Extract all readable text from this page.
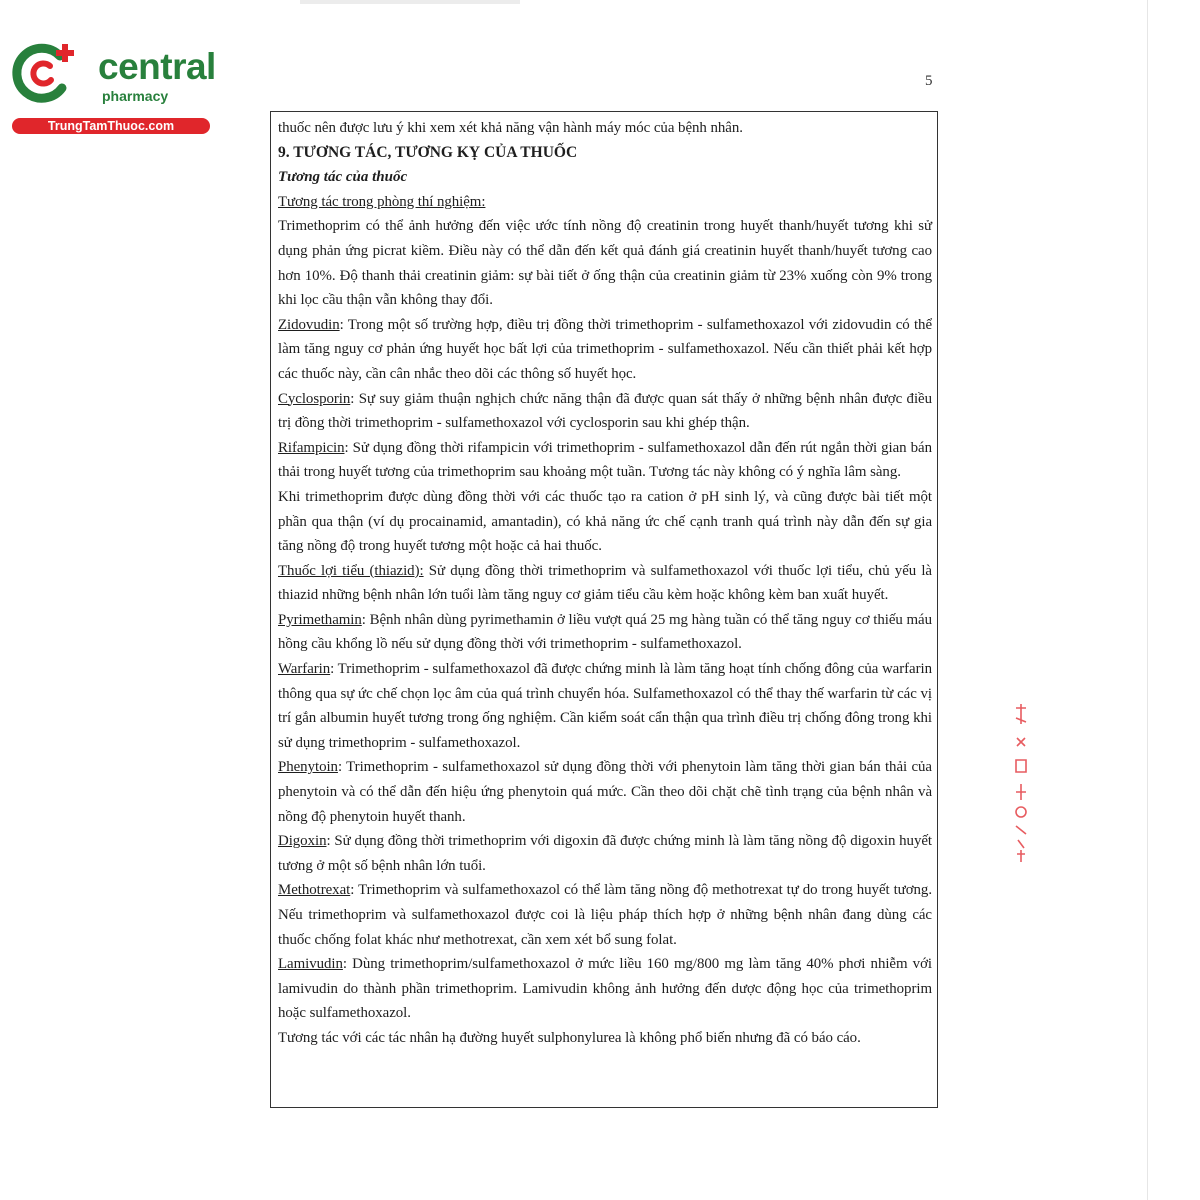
central
pharmacy
TrungTamThuoc.com
5

thuốc nên được lưu ý khi xem xét khả năng vận hành máy móc của bệnh nhân.

9. TƯƠNG TÁC, TƯƠNG KỴ CỦA THUỐC

Tương tác của thuốc

Tương tác trong phòng thí nghiệm:

Trimethoprim có thể ảnh hưởng đến việc ước tính nồng độ creatinin trong huyết thanh/huyết tương khi sử dụng phản ứng picrat kiềm. Điều này có thể dẫn đến kết quả đánh giá creatinin huyết thanh/huyết tương cao hơn 10%. Độ thanh thải creatinin giảm: sự bài tiết ở ống thận của creatinin giảm từ 23% xuống còn 9% trong khi lọc cầu thận vẫn không thay đổi.

Zidovudin: Trong một số trường hợp, điều trị đồng thời trimethoprim - sulfamethoxazol với zidovudin có thể làm tăng nguy cơ phản ứng huyết học bất lợi của trimethoprim - sulfamethoxazol. Nếu cần thiết phải kết hợp các thuốc này, cần cân nhắc theo dõi các thông số huyết học.

Cyclosporin: Sự suy giảm thuận nghịch chức năng thận đã được quan sát thấy ở những bệnh nhân được điều trị đồng thời trimethoprim - sulfamethoxazol với cyclosporin sau khi ghép thận.

Rifampicin: Sử dụng đồng thời rifampicin với trimethoprim - sulfamethoxazol dẫn đến rút ngắn thời gian bán thải trong huyết tương của trimethoprim sau khoảng một tuần. Tương tác này không có ý nghĩa lâm sàng.

Khi trimethoprim được dùng đồng thời với các thuốc tạo ra cation ở pH sinh lý, và cũng được bài tiết một phần qua thận (ví dụ procainamid, amantadin), có khả năng ức chế cạnh tranh quá trình này dẫn đến sự gia tăng nồng độ trong huyết tương một hoặc cả hai thuốc.

Thuốc lợi tiểu (thiazid): Sử dụng đồng thời trimethoprim và sulfamethoxazol với thuốc lợi tiểu, chủ yếu là thiazid những bệnh nhân lớn tuổi làm tăng nguy cơ giảm tiểu cầu kèm hoặc không kèm ban xuất huyết.

Pyrimethamin: Bệnh nhân dùng pyrimethamin ở liều vượt quá 25 mg hàng tuần có thể tăng nguy cơ thiếu máu hồng cầu khổng lồ nếu sử dụng đồng thời với trimethoprim - sulfamethoxazol.

Warfarin: Trimethoprim - sulfamethoxazol đã được chứng minh là làm tăng hoạt tính chống đông của warfarin thông qua sự ức chế chọn lọc âm của quá trình chuyển hóa. Sulfamethoxazol có thể thay thế warfarin từ các vị trí gắn albumin huyết tương trong ống nghiệm. Cần kiểm soát cẩn thận qua trình điều trị chống đông trong khi sử dụng trimethoprim - sulfamethoxazol.

Phenytoin: Trimethoprim - sulfamethoxazol sử dụng đồng thời với phenytoin làm tăng thời gian bán thải của phenytoin và có thể dẫn đến hiệu ứng phenytoin quá mức. Cần theo dõi chặt chẽ tình trạng của bệnh nhân và nồng độ phenytoin huyết thanh.

Digoxin: Sử dụng đồng thời trimethoprim với digoxin đã được chứng minh là làm tăng nồng độ digoxin huyết tương ở một số bệnh nhân lớn tuổi.

Methotrexat: Trimethoprim và sulfamethoxazol có thể làm tăng nồng độ methotrexat tự do trong huyết tương. Nếu trimethoprim và sulfamethoxazol được coi là liệu pháp thích hợp ở những bệnh nhân đang dùng các thuốc chống folat khác như methotrexat, cần xem xét bổ sung folat.

Lamivudin: Dùng trimethoprim/sulfamethoxazol ở mức liều 160 mg/800 mg làm tăng 40% phơi nhiễm với lamivudin do thành phần trimethoprim. Lamivudin không ảnh hưởng đến dược động học của trimethoprim hoặc sulfamethoxazol.

Tương tác với các tác nhân hạ đường huyết sulphonylurea là không phổ biến nhưng đã có báo cáo.
